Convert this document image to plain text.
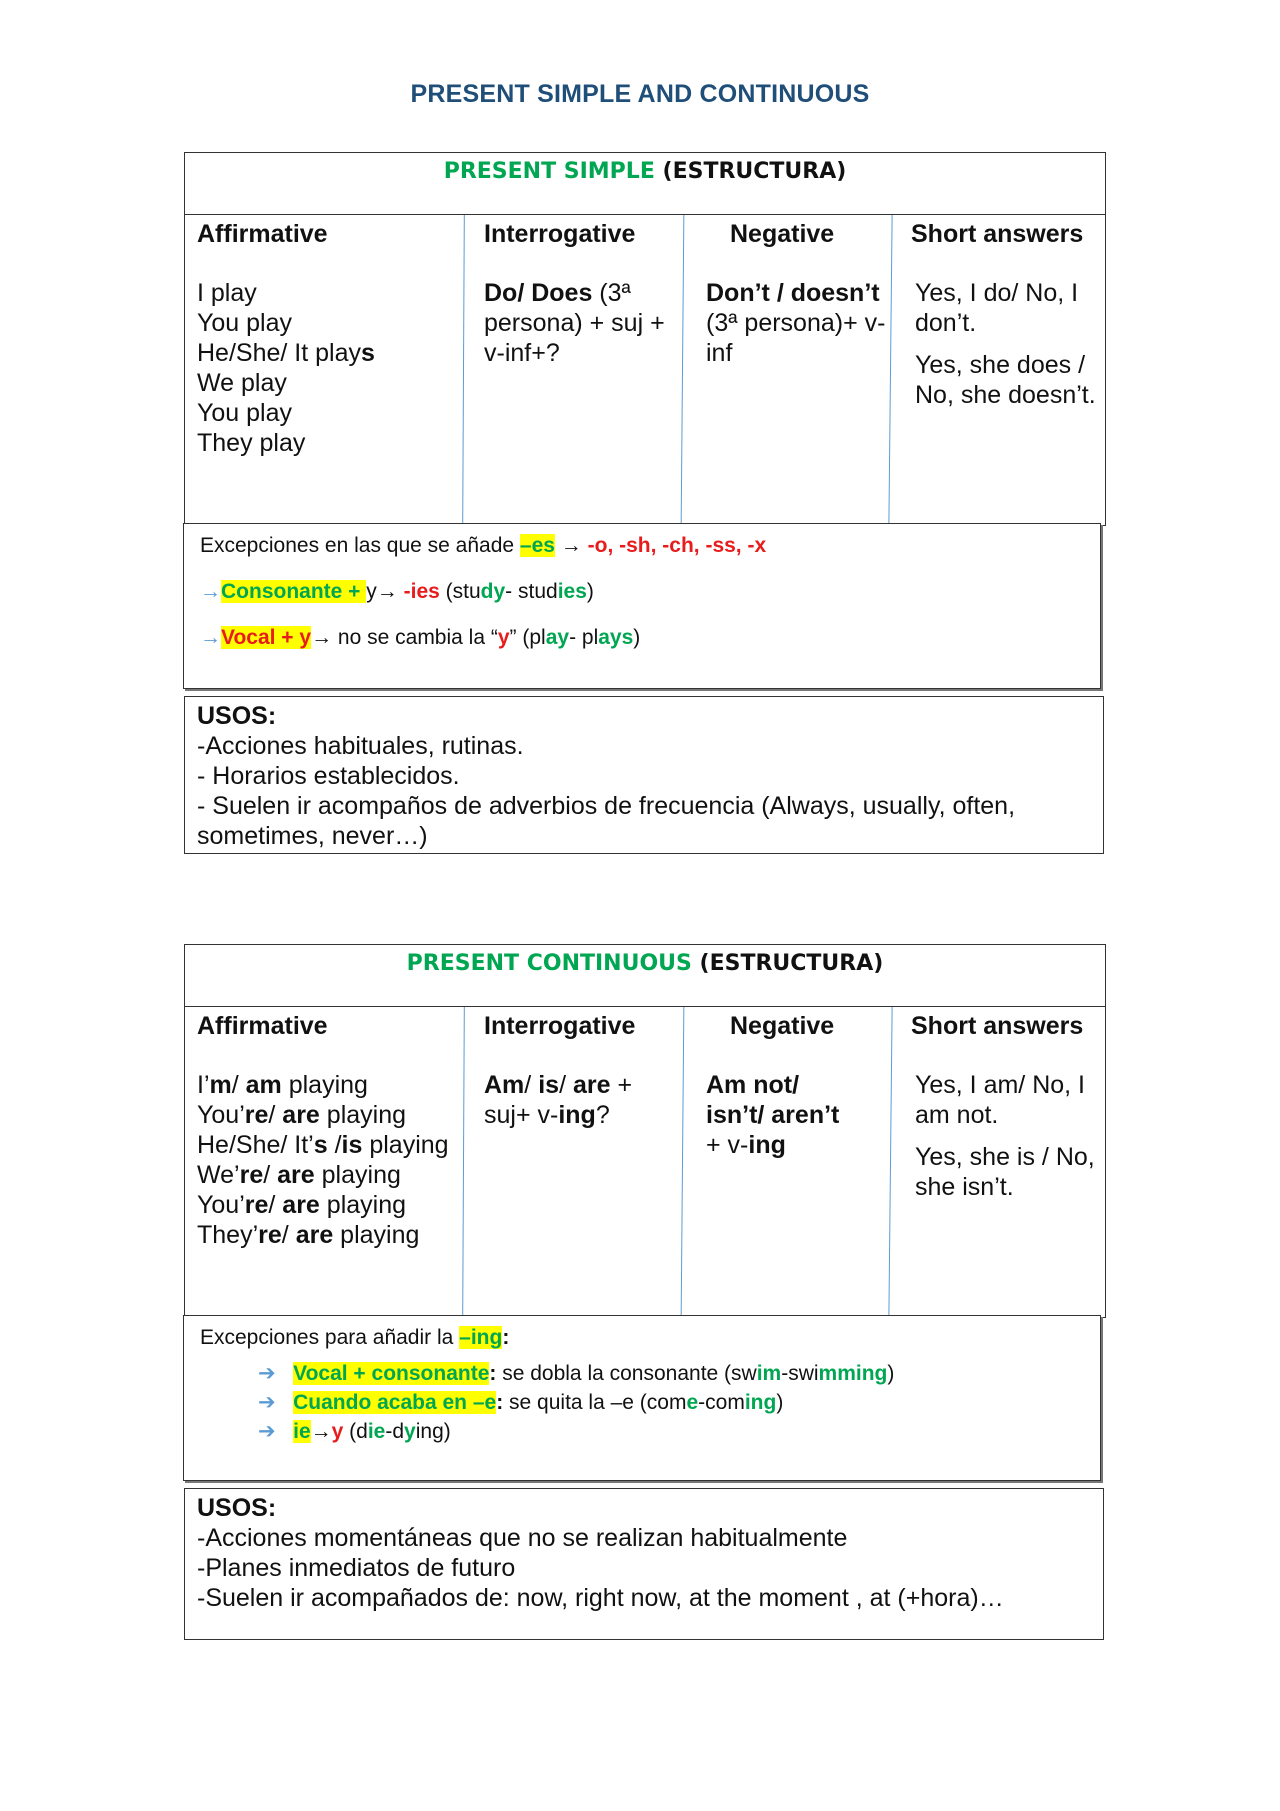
PRESENT SIMPLE AND CONTINUOUS
PRESENT SIMPLE (ESTRUCTURA)
Affirmative
I play
You play
He/She/ It plays
We play
You play
They play
Interrogative
Do/ Does (3ª persona) + suj + v-inf+?
Negative
Don’t / doesn’t (3ª persona)+ v-inf
Short answers
Yes, I do/ No, I don’t.
Yes, she does / No, she doesn’t.
Excepciones en las que se añade –es → -o, -sh, -ch, -ss, -x
→Consonante + y→ -ies (study- studies)
→Vocal + y→ no se cambia la “y” (play- plays)
USOS:
-Acciones habituales, rutinas.
- Horarios establecidos.
- Suelen ir acompaños de adverbios de frecuencia (Always, usually, often, sometimes, never…)
PRESENT CONTINUOUS (ESTRUCTURA)
Affirmative
I’m/ am playing
You’re/ are playing
He/She/ It’s /is playing
We’re/ are playing
You’re/ are playing
They’re/ are playing
Interrogative
Am/ is/ are + suj+ v-ing?
Negative
Am not/
isn’t/ aren’t
+ v-ing
Short answers
Yes, I am/ No, I am not.
Yes, she is / No, she isn’t.
Excepciones para añadir la –ing:
➔ Vocal + consonante: se dobla la consonante (swim-swimming)
➔ Cuando acaba en –e: se quita la –e (come-coming)
➔ ie→y (die-dying)
USOS:
-Acciones momentáneas que no se realizan habitualmente
-Planes inmediatos de futuro
-Suelen ir acompañados de: now, right now, at the moment , at (+hora)…
